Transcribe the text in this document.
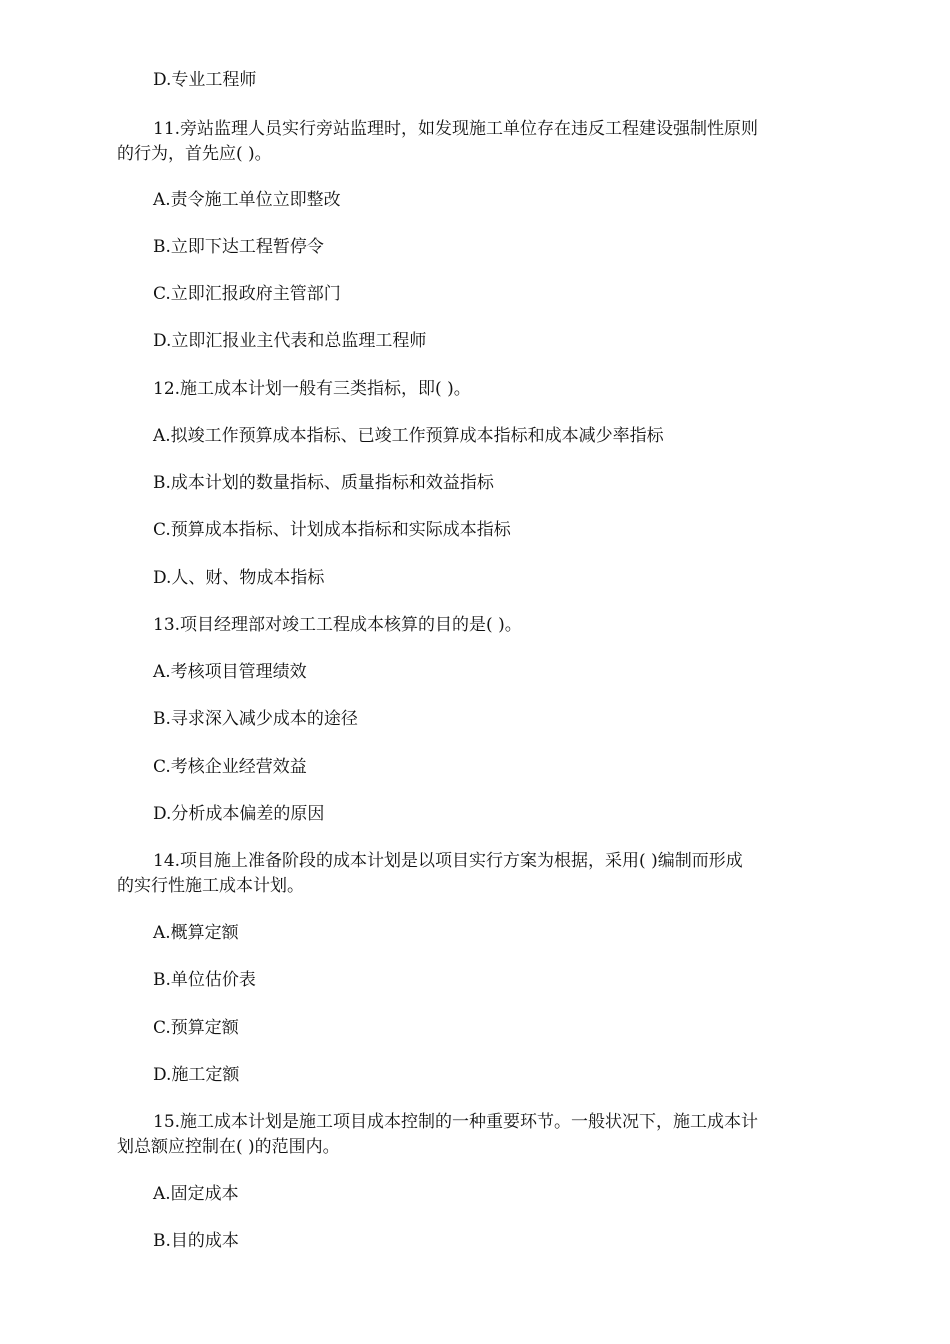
D.专业工程师
11.旁站监理人员实行旁站监理时，如发现施工单位存在违反工程建设强制性原则
的行为，首先应( )。
A.责令施工单位立即整改
B.立即下达工程暂停令
C.立即汇报政府主管部门
D.立即汇报业主代表和总监理工程师
12.施工成本计划一般有三类指标，即( )。
A.拟竣工作预算成本指标、已竣工作预算成本指标和成本减少率指标
B.成本计划的数量指标、质量指标和效益指标
C.预算成本指标、计划成本指标和实际成本指标
D.人、财、物成本指标
13.项目经理部对竣工工程成本核算的目的是( )。
A.考核项目管理绩效
B.寻求深入减少成本的途径
C.考核企业经营效益
D.分析成本偏差的原因
14.项目施上准备阶段的成本计划是以项目实行方案为根据，采用( )编制而形成
的实行性施工成本计划。
A.概算定额
B.单位估价表
C.预算定额
D.施工定额
15.施工成本计划是施工项目成本控制的一种重要环节。一般状况下，施工成本计
划总额应控制在( )的范围内。
A.固定成本
B.目的成本
